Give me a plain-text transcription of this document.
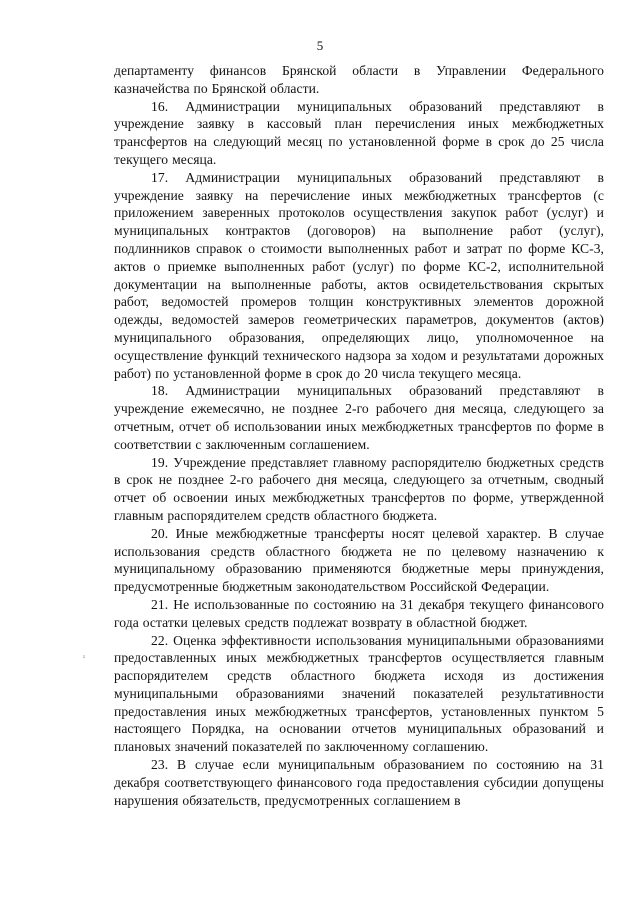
5
ᶻ

департаменту финансов Брянской области в Управлении Федерального казначейства по Брянской области.

16. Администрации муниципальных образований представляют в учреждение заявку в кассовый план перечисления иных межбюджетных трансфертов на следующий месяц по установленной форме в срок до 25 числа текущего месяца.

17. Администрации муниципальных образований представляют в учреждение заявку на перечисление иных межбюджетных трансфертов (с приложением заверенных протоколов осуществления закупок работ (услуг) и муниципальных контрактов (договоров) на выполнение работ (услуг), подлинников справок о стоимости выполненных работ и затрат по форме КС-3, актов о приемке выполненных работ (услуг) по форме КС-2, исполнительной документации на выполненные работы, актов освидетельствования скрытых работ, ведомостей промеров толщин конструктивных элементов дорожной одежды, ведомостей замеров геометрических параметров, документов (актов) муниципального образования, определяющих лицо, уполномоченное на осуществление функций технического надзора за ходом и результатами дорожных работ) по установленной форме в срок до 20 числа текущего месяца.

18. Администрации муниципальных образований представляют в учреждение ежемесячно, не позднее 2-го рабочего дня месяца, следующего за отчетным, отчет об использовании иных межбюджетных трансфертов по форме в соответствии с заключенным соглашением.

19. Учреждение представляет главному распорядителю бюджетных средств в срок не позднее 2-го рабочего дня месяца, следующего за отчетным, сводный отчет об освоении иных межбюджетных трансфертов по форме, утвержденной главным распорядителем средств областного бюджета.

20. Иные межбюджетные трансферты носят целевой характер. В случае использования средств областного бюджета не по целевому назначению к муниципальному образованию применяются бюджетные меры принуждения, предусмотренные бюджетным законодательством Российской Федерации.

21. Не использованные по состоянию на 31 декабря текущего финансового года остатки целевых средств подлежат возврату в областной бюджет.

22. Оценка эффективности использования муниципальными образованиями предоставленных иных межбюджетных трансфертов осуществляется главным распорядителем средств областного бюджета исходя из достижения муниципальными образованиями значений показателей результативности предоставления иных межбюджетных трансфертов, установленных пунктом 5 настоящего Порядка, на основании отчетов муниципальных образований и плановых значений показателей по заключенному соглашению.

23. В случае если муниципальным образованием по состоянию на 31 декабря соответствующего финансового года предоставления субсидии допущены нарушения обязательств, предусмотренных соглашением в
